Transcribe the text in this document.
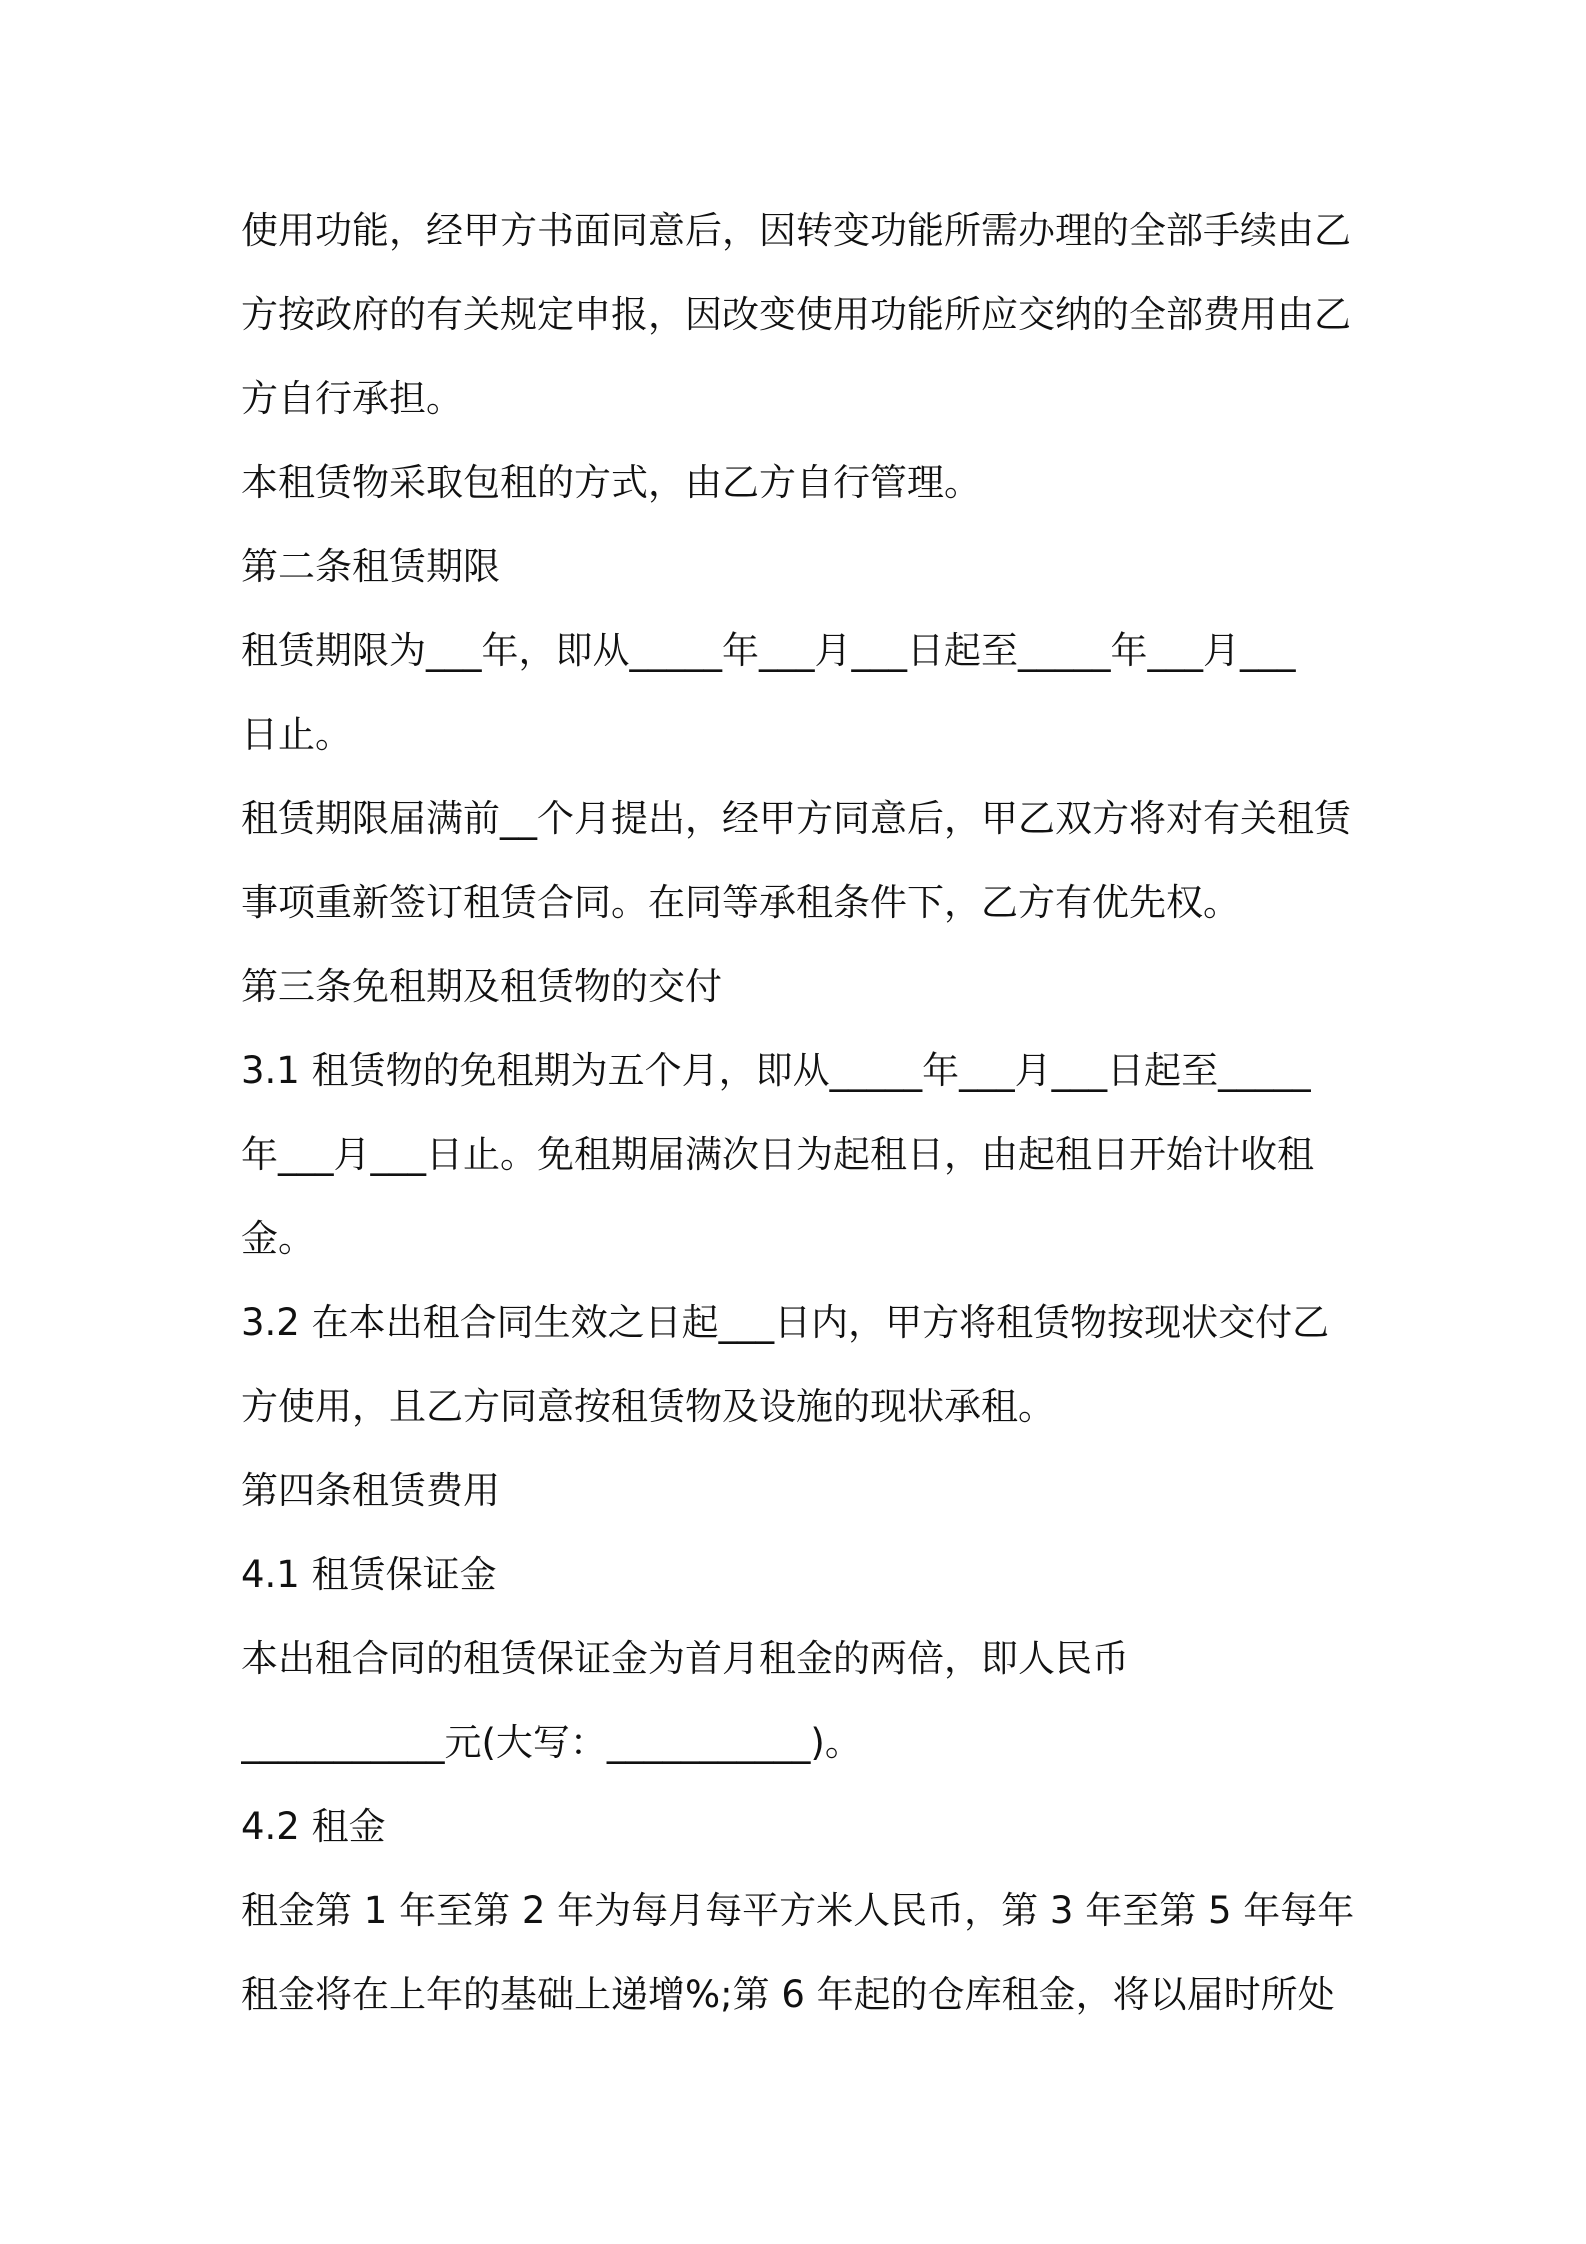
使用功能，经甲方书面同意后，因转变功能所需办理的全部手续由乙
方按政府的有关规定申报，因改变使用功能所应交纳的全部费用由乙
方自行承担。
本租赁物采取包租的方式，由乙方自行管理。
第二条租赁期限
租赁期限为___年，即从_____年___月___日起至_____年___月___
日止。
租赁期限届满前__个月提出，经甲方同意后，甲乙双方将对有关租赁
事项重新签订租赁合同。在同等承租条件下，乙方有优先权。
第三条免租期及租赁物的交付
3.1 租赁物的免租期为五个月，即从_____年___月___日起至_____
年___月___日止。免租期届满次日为起租日，由起租日开始计收租
金。
3.2 在本出租合同生效之日起___日内，甲方将租赁物按现状交付乙
方使用，且乙方同意按租赁物及设施的现状承租。
第四条租赁费用
4.1 租赁保证金
本出租合同的租赁保证金为首月租金的两倍，即人民币
___________元(大写：___________)。
4.2 租金
租金第 1 年至第 2 年为每月每平方米人民币，第 3 年至第 5 年每年
租金将在上年的基础上递增%;第 6 年起的仓库租金，将以届时所处
